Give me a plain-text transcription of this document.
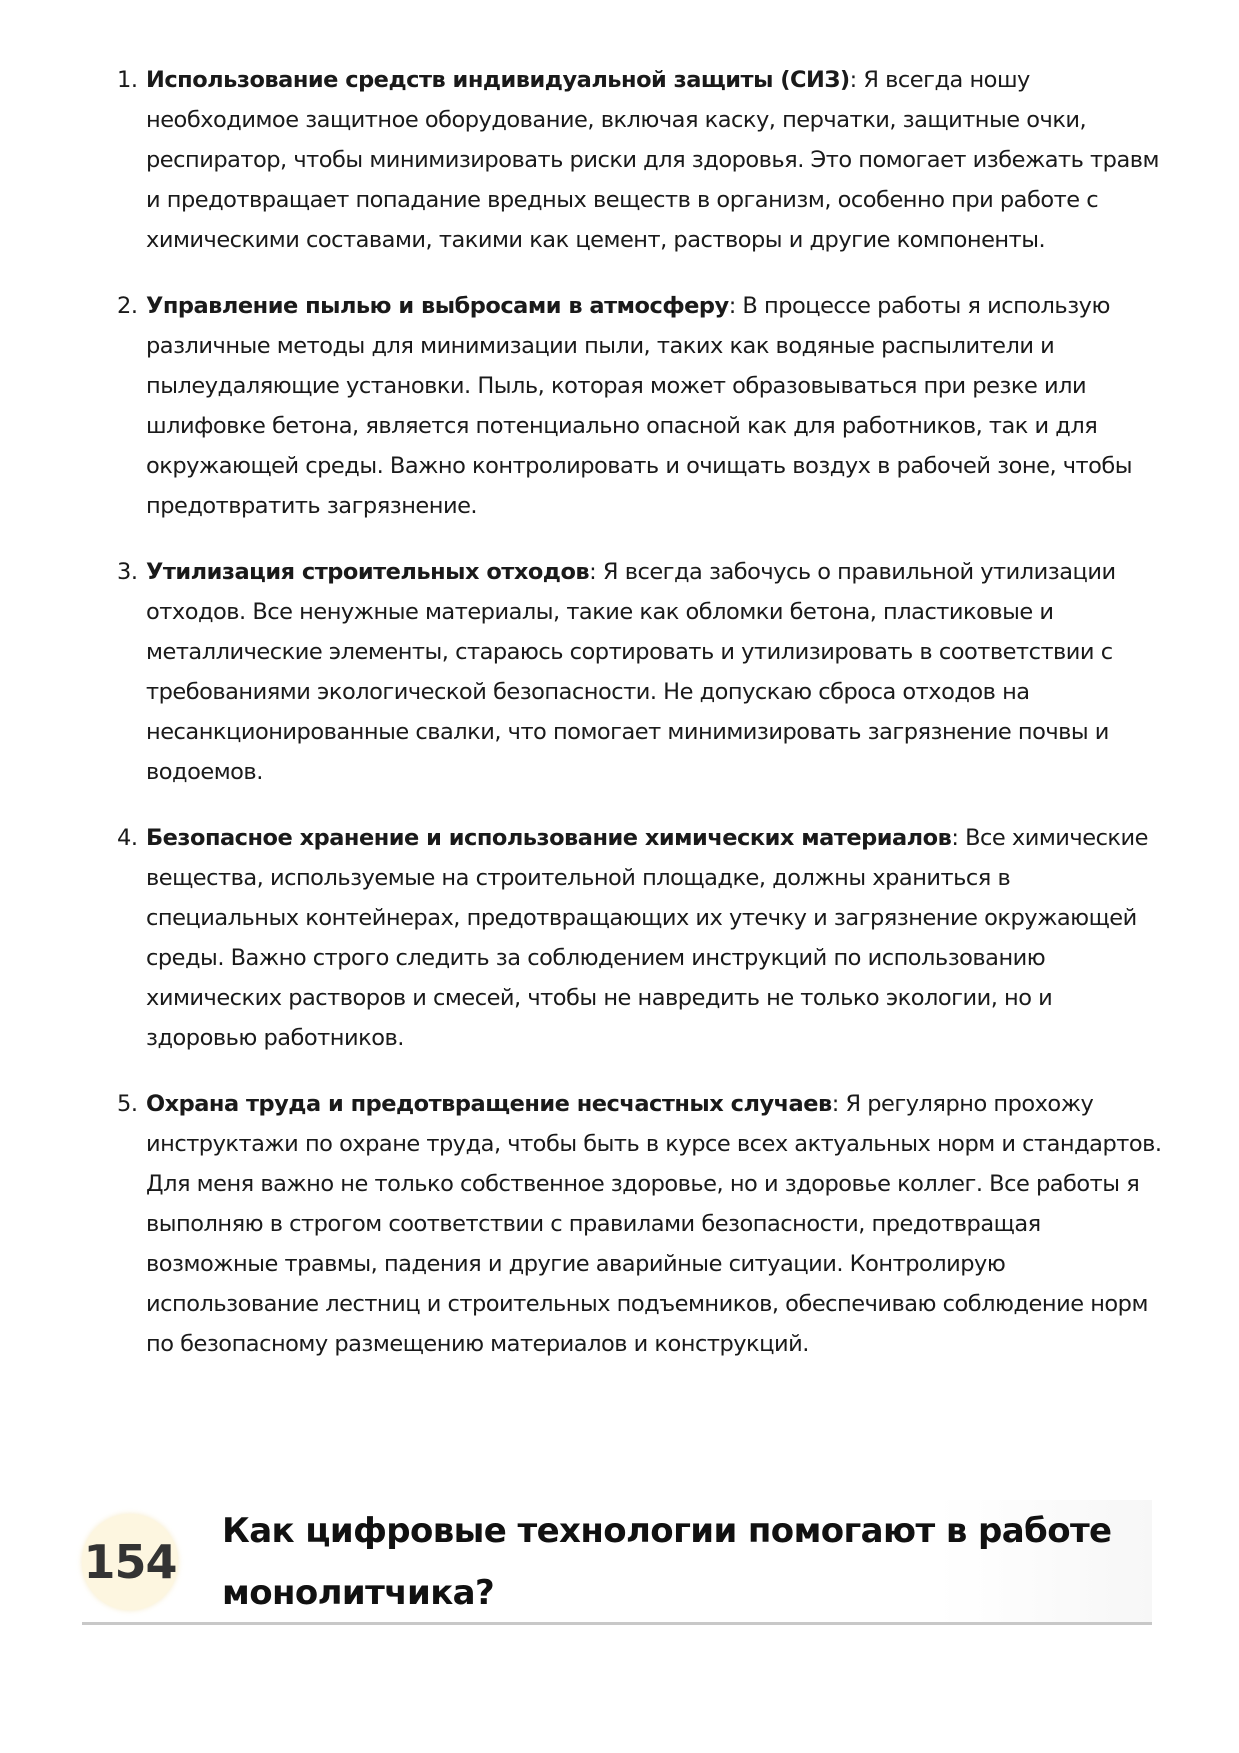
1. Использование средств индивидуальной защиты (СИЗ): Я всегда ношу необходимое защитное оборудование, включая каску, перчатки, защитные очки, респиратор, чтобы минимизировать риски для здоровья. Это помогает избежать травм и предотвращает попадание вредных веществ в организм, особенно при работе с химическими составами, такими как цемент, растворы и другие компоненты.
2. Управление пылью и выбросами в атмосферу: В процессе работы я использую различные методы для минимизации пыли, таких как водяные распылители и пылеудаляющие установки. Пыль, которая может образовываться при резке или шлифовке бетона, является потенциально опасной как для работников, так и для окружающей среды. Важно контролировать и очищать воздух в рабочей зоне, чтобы предотвратить загрязнение.
3. Утилизация строительных отходов: Я всегда забочусь о правильной утилизации отходов. Все ненужные материалы, такие как обломки бетона, пластиковые и металлические элементы, стараюсь сортировать и утилизировать в соответствии с требованиями экологической безопасности. Не допускаю сброса отходов на несанкционированные свалки, что помогает минимизировать загрязнение почвы и водоемов.
4. Безопасное хранение и использование химических материалов: Все химические вещества, используемые на строительной площадке, должны храниться в специальных контейнерах, предотвращающих их утечку и загрязнение окружающей среды. Важно строго следить за соблюдением инструкций по использованию химических растворов и смесей, чтобы не навредить не только экологии, но и здоровью работников.
5. Охрана труда и предотвращение несчастных случаев: Я регулярно прохожу инструктажи по охране труда, чтобы быть в курсе всех актуальных норм и стандартов. Для меня важно не только собственное здоровье, но и здоровье коллег. Все работы я выполняю в строгом соответствии с правилами безопасности, предотвращая возможные травмы, падения и другие аварийные ситуации. Контролирую использование лестниц и строительных подъемников, обеспечиваю соблюдение норм по безопасному размещению материалов и конструкций.
154
Как цифровые технологии помогают в работе монолитчика?
